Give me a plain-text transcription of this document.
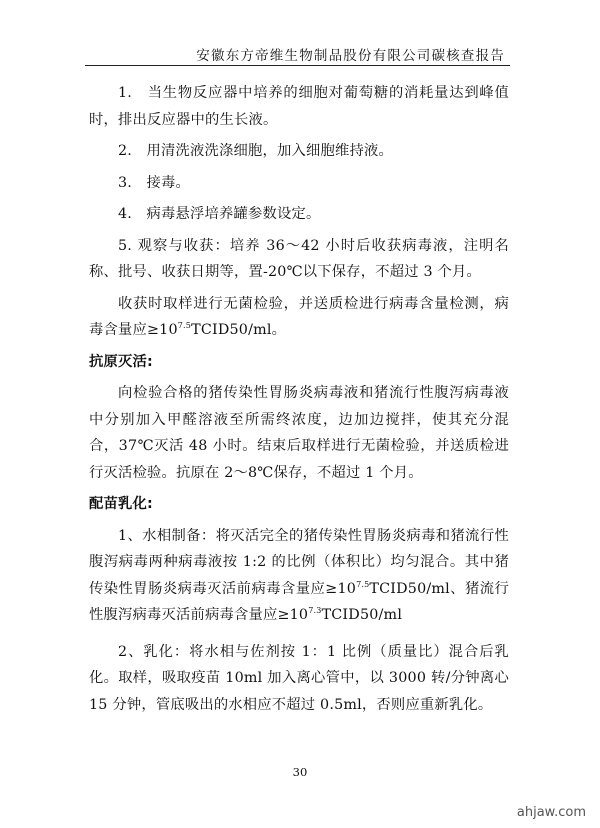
安徽东方帝维生物制品股份有限公司碳核查报告

1.　当生物反应器中培养的细胞对葡萄糖的消耗量达到峰值时，排出反应器中的生长液。

2.　用清洗液洗涤细胞，加入细胞维持液。

3.　接毒。

4.　病毒悬浮培养罐参数设定。

5. 观察与收获：培养 36～42 小时后收获病毒液，注明名称、批号、收获日期等，置-20℃以下保存，不超过 3 个月。

收获时取样进行无菌检验，并送质检进行病毒含量检测，病毒含量应$\ge 10^{7.5}TCID50/ml$。

抗原灭活:

向检验合格的猪传染性胃肠炎病毒液和猪流行性腹泻病毒液中分别加入甲醛溶液至所需终浓度，边加边搅拌，使其充分混合，37℃灭活 48 小时。结束后取样进行无菌检验，并送质检进行灭活检验。抗原在 2～8℃保存，不超过 1 个月。

配苗乳化:

1、水相制备：将灭活完全的猪传染性胃肠炎病毒和猪流行性腹泻病毒两种病毒液按 1:2 的比例（体积比）均匀混合。其中猪传染性胃肠炎病毒灭活前病毒含量应$\ge 10^{7.5}TCID50/ml$、猪流行性腹泻病毒灭活前病毒含量应$\ge 10^{7.3}TCID50/ml$

2、乳化：将水相与佐剂按 1：1 比例（质量比）混合后乳化。取样，吸取疫苗 10ml 加入离心管中，以 3000 转/分钟离心 15 分钟，管底吸出的水相应不超过 0.5ml，否则应重新乳化。

30
ahjaw.com
